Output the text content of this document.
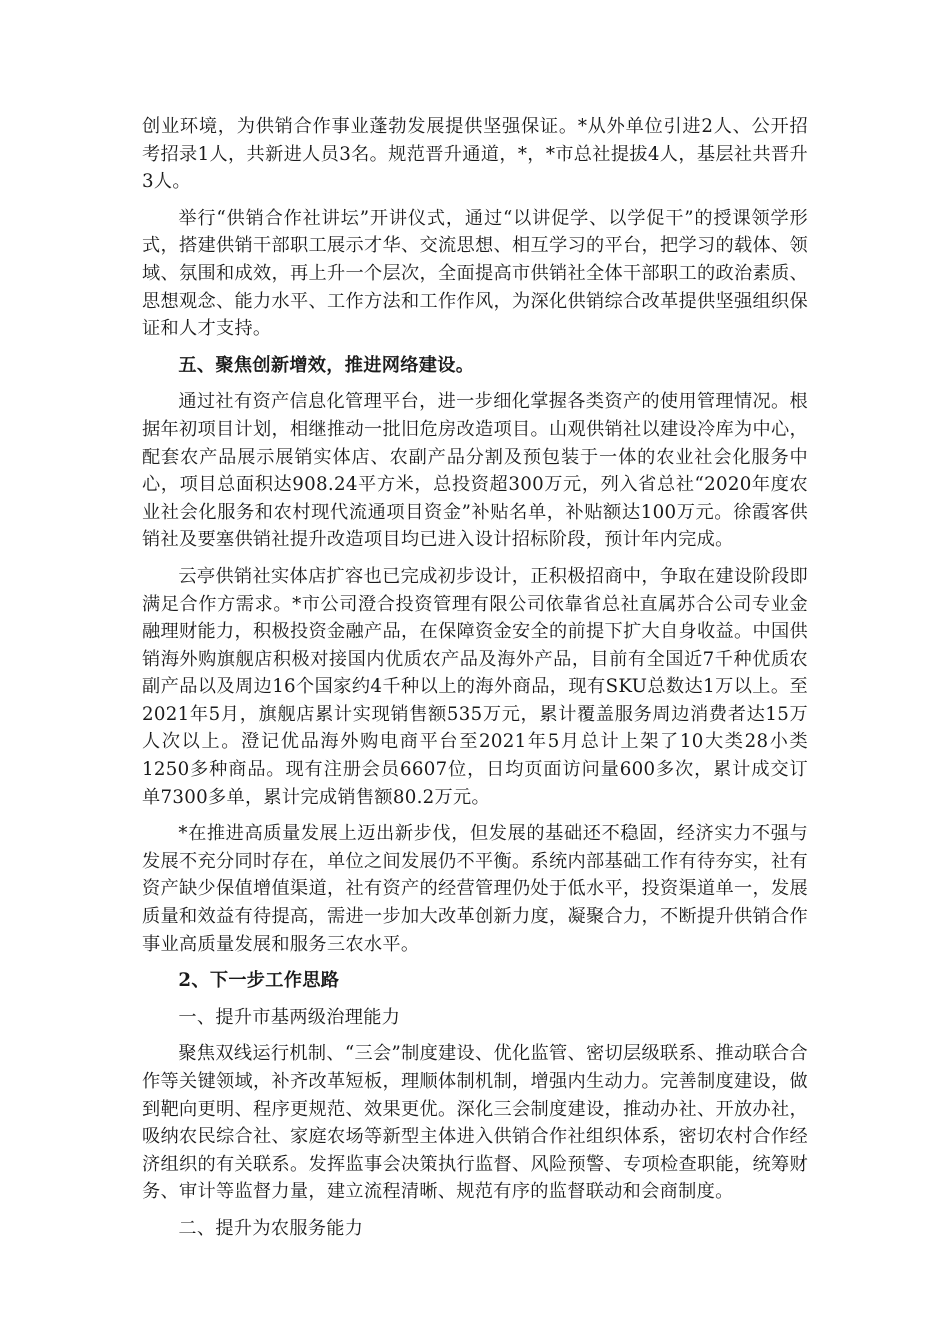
创业环境，为供销合作事业蓬勃发展提供坚强保证。*从外单位引进2人、公开招考招录1人，共新进人员3名。规范晋升通道，*，*市总社提拔4人，基层社共晋升3人。

举行“供销合作社讲坛”开讲仪式，通过“以讲促学、以学促干”的授课领学形式，搭建供销干部职工展示才华、交流思想、相互学习的平台，把学习的载体、领域、氛围和成效，再上升一个层次，全面提高市供销社全体干部职工的政治素质、思想观念、能力水平、工作方法和工作作风，为深化供销综合改革提供坚强组织保证和人才支持。

五、聚焦创新增效，推进网络建设。

通过社有资产信息化管理平台，进一步细化掌握各类资产的使用管理情况。根据年初项目计划，相继推动一批旧危房改造项目。山观供销社以建设冷库为中心，配套农产品展示展销实体店、农副产品分割及预包装于一体的农业社会化服务中心，项目总面积达908.24平方米，总投资超300万元，列入省总社“2020年度农业社会化服务和农村现代流通项目资金”补贴名单，补贴额达100万元。徐霞客供销社及要塞供销社提升改造项目均已进入设计招标阶段，预计年内完成。

云亭供销社实体店扩容也已完成初步设计，正积极招商中，争取在建设阶段即满足合作方需求。*市公司澄合投资管理有限公司依靠省总社直属苏合公司专业金融理财能力，积极投资金融产品，在保障资金安全的前提下扩大自身收益。中国供销海外购旗舰店积极对接国内优质农产品及海外产品，目前有全国近7千种优质农副产品以及周边16个国家约4千种以上的海外商品，现有SKU总数达1万以上。至2021年5月，旗舰店累计实现销售额535万元，累计覆盖服务周边消费者达15万人次以上。澄记优品海外购电商平台至2021年5月总计上架了10大类28小类1250多种商品。现有注册会员6607位，日均页面访问量600多次，累计成交订单7300多单，累计完成销售额80.2万元。

*在推进高质量发展上迈出新步伐，但发展的基础还不稳固，经济实力不强与发展不充分同时存在，单位之间发展仍不平衡。系统内部基础工作有待夯实，社有资产缺少保值增值渠道，社有资产的经营管理仍处于低水平，投资渠道单一，发展质量和效益有待提高，需进一步加大改革创新力度，凝聚合力，不断提升供销合作事业高质量发展和服务三农水平。

2、下一步工作思路

一、提升市基两级治理能力

聚焦双线运行机制、“三会”制度建设、优化监管、密切层级联系、推动联合合作等关键领域，补齐改革短板，理顺体制机制，增强内生动力。完善制度建设，做到靶向更明、程序更规范、效果更优。深化三会制度建设，推动办社、开放办社，吸纳农民综合社、家庭农场等新型主体进入供销合作社组织体系，密切农村合作经济组织的有关联系。发挥监事会决策执行监督、风险预警、专项检查职能，统筹财务、审计等监督力量，建立流程清晰、规范有序的监督联动和会商制度。

二、提升为农服务能力
